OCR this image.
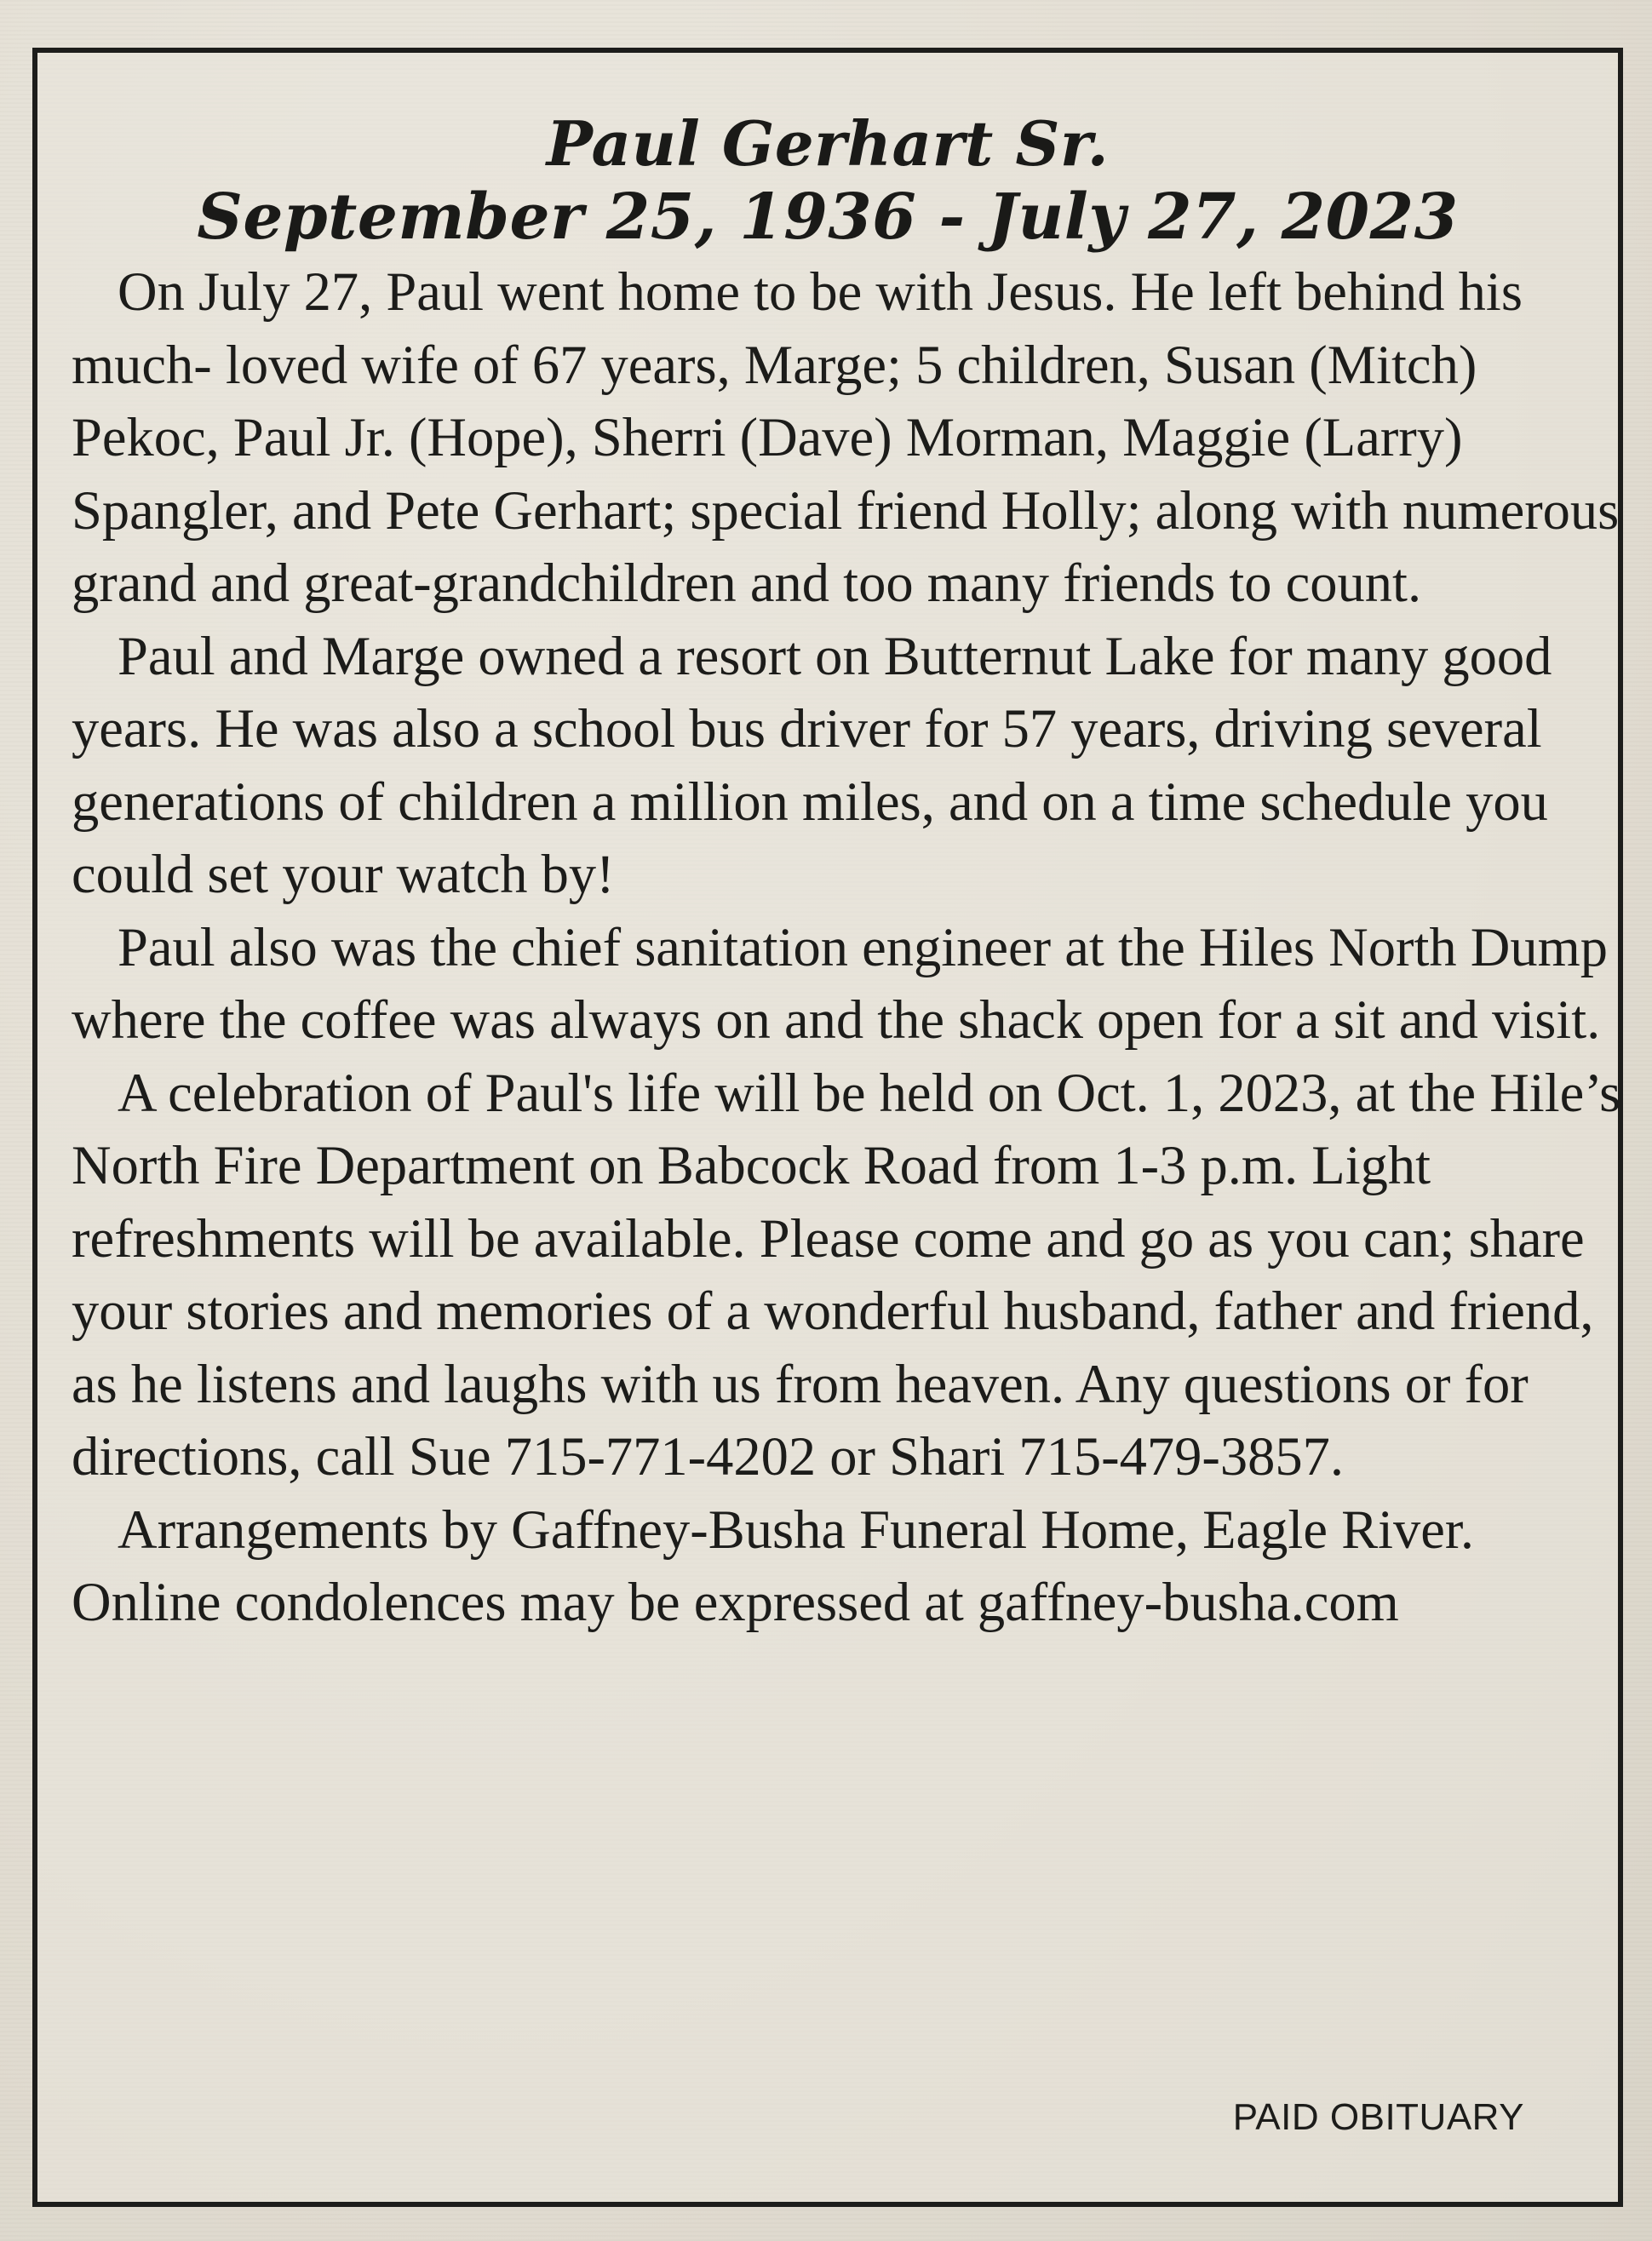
Paul Gerhart Sr.
September 25, 1936 - July 27, 2023

On July 27, Paul went home to be with Jesus. He left behind his much- loved wife of 67 years, Marge; 5 children, Susan (Mitch) Pekoc, Paul Jr. (Hope), Sherri (Dave) Morman, Maggie (Larry) Spangler, and Pete Gerhart; special friend Holly; along with numerous grand and great-grandchildren and too many friends to count.

Paul and Marge owned a resort on Butternut Lake for many good years. He was also a school bus driver for 57 years, driving several generations of children a million miles, and on a time schedule you could set your watch by!

Paul also was the chief sanitation engineer at the Hiles North Dump where the coffee was always on and the shack open for a sit and visit.

A celebration of Paul's life will be held on Oct. 1, 2023, at the Hile’s North Fire Department on Babcock Road from 1-3 p.m. Light refreshments will be available. Please come and go as you can; share your stories and memories of a wonderful husband, father and friend, as he listens and laughs with us from heaven. Any questions or for directions, call Sue 715-771-4202 or Shari 715-479-3857.

Arrangements by Gaffney-Busha Funeral Home, Eagle River. Online condolences may be expressed at gaffney-busha.com

PAID OBITUARY
